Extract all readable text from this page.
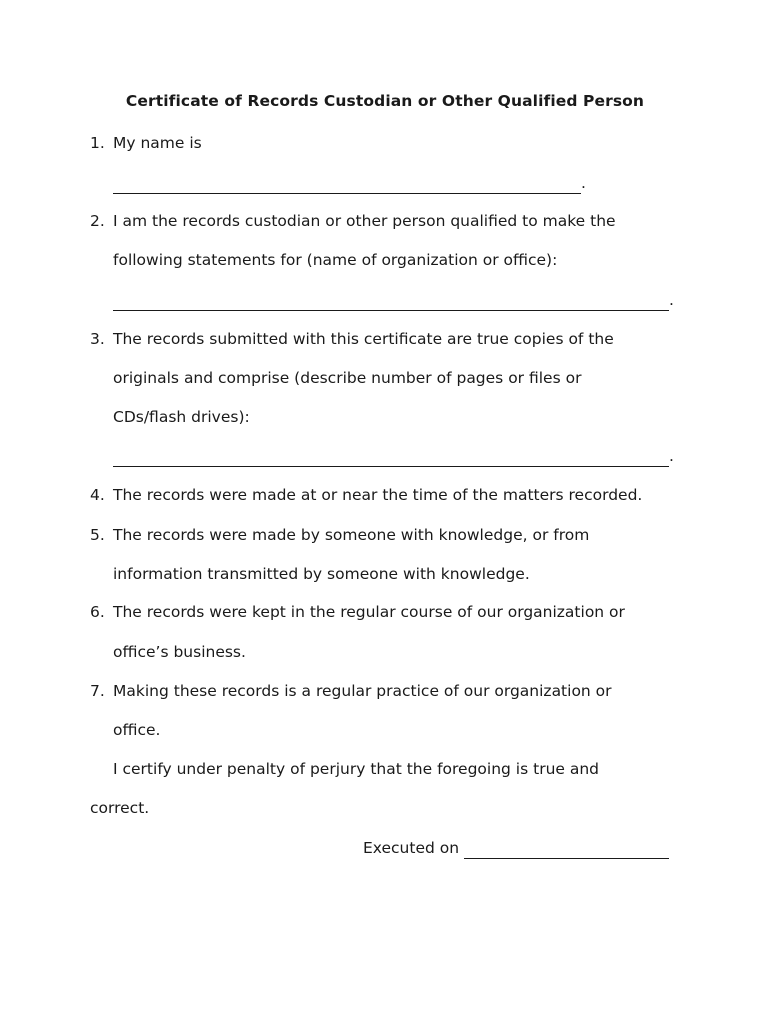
Certificate of Records Custodian or Other Qualified Person
1. My name is
.
2. I am the records custodian or other person qualified to make the
following statements for (name of organization or office):
.
3. The records submitted with this certificate are true copies of the
originals and comprise (describe number of pages or files or
CDs/flash drives):
.
4. The records were made at or near the time of the matters recorded.
5. The records were made by someone with knowledge, or from
information transmitted by someone with knowledge.
6. The records were kept in the regular course of our organization or
office’s business.
7. Making these records is a regular practice of our organization or
office.
I certify under penalty of perjury that the foregoing is true and
correct.
Executed on
